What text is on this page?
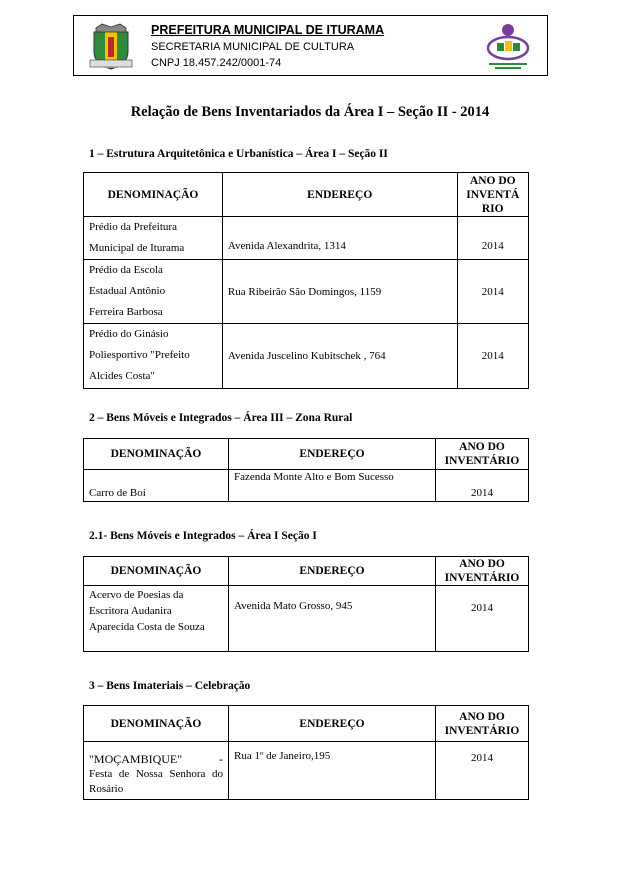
PREFEITURA MUNICIPAL DE ITURAMA
SECRETARIA MUNICIPAL DE CULTURA
CNPJ 18.457.242/0001-74
Relação de Bens Inventariados da Área I – Seção II - 2014
1 – Estrutura Arquitetônica e Urbanística – Área I – Seção II
DENOMINAÇÃO	ENDEREÇO	ANO DO
INVENTÁ
RIO

Prédio da Prefeitura
Municipal de Iturama	Avenida Alexandrita, 1314	2014

Prédio da Escola
Estadual Antônio
Ferreira Barbosa	Rua Ribeirão São Domingos, 1159	2014

Prédio do Ginásio
Poliesportivo "Prefeito
Alcides Costa"	Avenida Juscelino Kubitschek , 764	2014
2 – Bens Móveis e Integrados – Área III – Zona Rural
DENOMINAÇÃO	ENDEREÇO	ANO DO
INVENTÁRIO
Carro de Boi	Fazenda Monte Alto e Bom Sucesso	2014
2.1- Bens Móveis e Integrados – Área I Seção I
DENOMINAÇÃO	ENDEREÇO	ANO DO
INVENTÁRIO

Acervo de Poesias da
Escritora Audanira
Aparecida Costa de Souza	Avenida Mato Grosso, 945	2014
3 – Bens Imateriais – Celebração
DENOMINAÇÃO	ENDEREÇO	ANO DO
INVENTÁRIO

"MOÇAMBIQUE" -
Festa de Nossa Senhora do
Rosário	Rua 1º de Janeiro,195	2014
